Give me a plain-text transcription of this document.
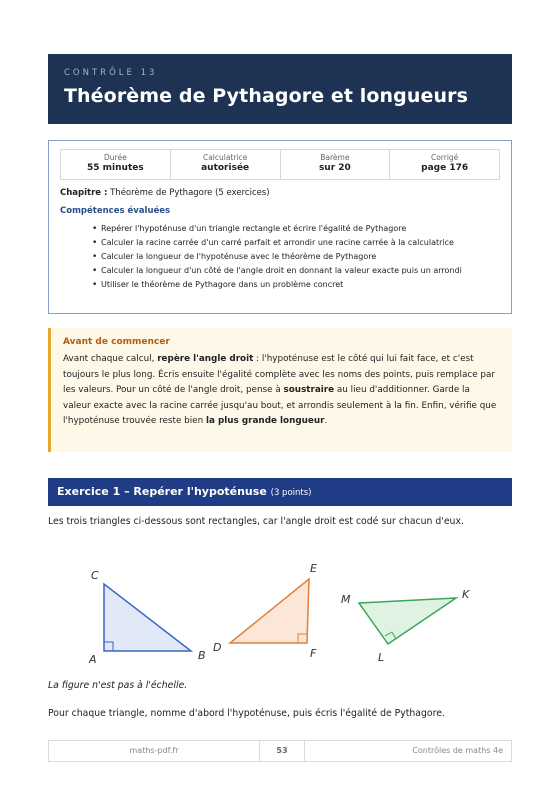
CONTRÔLE 13
Théorème de Pythagore et longueurs
Durée
55 minutes
Calculatrice
autorisée
Barème
sur 20
Corrigé
page 176
Chapitre : Théorème de Pythagore (5 exercices)
Compétences évaluées
• Repérer l'hypoténuse d'un triangle rectangle et écrire l'égalité de Pythagore
• Calculer la racine carrée d'un carré parfait et arrondir une racine carrée à la calculatrice
• Calculer la longueur de l'hypoténuse avec le théorème de Pythagore
• Calculer la longueur d'un côté de l'angle droit en donnant la valeur exacte puis un arrondi
• Utiliser le théorème de Pythagore dans un problème concret
Avant de commencer

Avant chaque calcul, repère l'angle droit : l'hypoténuse est le côté qui lui fait face, et c'est toujours le plus long. Écris ensuite l'égalité complète avec les noms des points, puis remplace par les valeurs. Pour un côté de l'angle droit, pense à soustraire au lieu d'additionner. Garde la valeur exacte avec la racine carrée jusqu'au bout, et arrondis seulement à la fin. Enfin, vérifie que l'hypoténuse trouvée reste bien la plus grande longueur.

Exercice 1 – Repérer l'hypoténuse (3 points)
Les trois triangles ci-dessous sont rectangles, car l'angle droit est codé sur chacun d'eux.
C
A	B
E
D	F
M	K
L
La figure n'est pas à l'échelle.
Pour chaque triangle, nomme d'abord l'hypoténuse, puis écris l'égalité de Pythagore.
maths-pdf.fr	53	Contrôles de maths 4e
